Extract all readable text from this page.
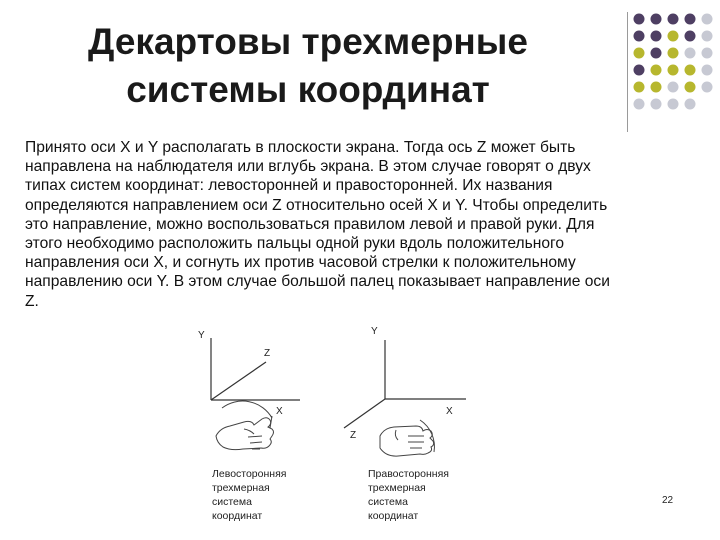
Декартовы трехмерные
системы координат
Принято оси X и Y располагать в плоскости экрана. Тогда ось Z может быть
направлена на наблюдателя или вглубь экрана. В этом случае говорят о двух
типах систем координат: левосторонней и правосторонней. Их названия
определяются направлением оси Z относительно осей X и Y. Чтобы определить
это направление, можно воспользоваться правилом левой и правой руки. Для
этого необходимо расположить пальцы одной руки вдоль положительного
направления оси X, и согнуть их против часовой стрелки к положительному
направлению оси Y. В этом случае большой палец показывает направление оси
Z.
Y
Z
X
Y
Z
X
Левосторонняя
трехмерная
система
координат
Правосторонняя
трехмерная
система
координат
22
